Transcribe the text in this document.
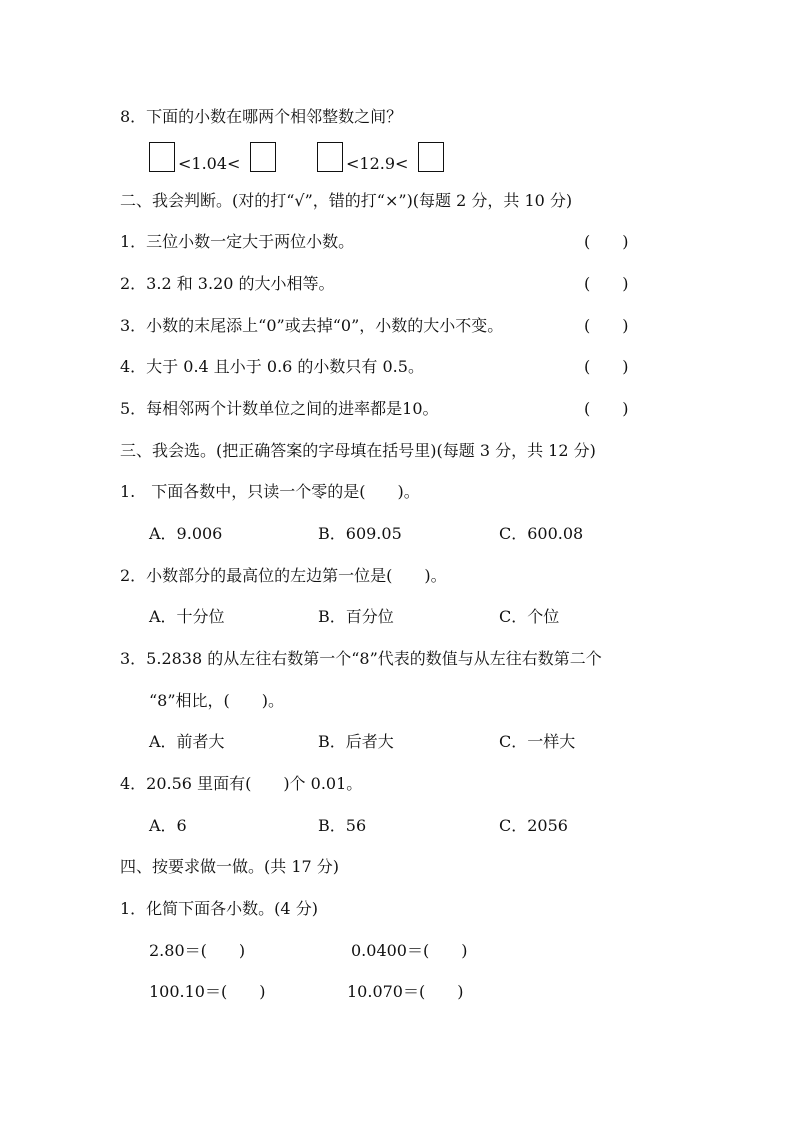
8．下面的小数在哪两个相邻整数之间？
<1.04<	<12.9<
二、我会判断。(对的打“√”，错的打“×”)(每题 2 分，共 10 分)
1．三位小数一定大于两位小数。	(　　)
2．3.2 和 3.20 的大小相等。	(　　)
3．小数的末尾添上“0”或去掉“0”，小数的大小不变。	(　　)
4．大于 0.4 且小于 0.6 的小数只有 0.5。	(　　)
5．每相邻两个计数单位之间的进率都是10。	(　　)
三、我会选。(把正确答案的字母填在括号里)(每题 3 分，共 12 分)
1.　下面各数中，只读一个零的是(　　)。
A．9.006	B．609.05	C．600.08
2．小数部分的最高位的左边第一位是(　　)。
A．十分位	B．百分位	C．个位
3．5.2838 的从左往右数第一个“8”代表的数值与从左往右数第二个
“8”相比，(　　)。
A．前者大	B．后者大	C．一样大
4．20.56 里面有(　　)个 0.01。
A．6	B．56	C．2056
四、按要求做一做。(共 17 分)
1．化简下面各小数。(4 分)
2.80＝(　　)	0.0400＝(　　)
100.10＝(　　)	10.070＝(　　)
